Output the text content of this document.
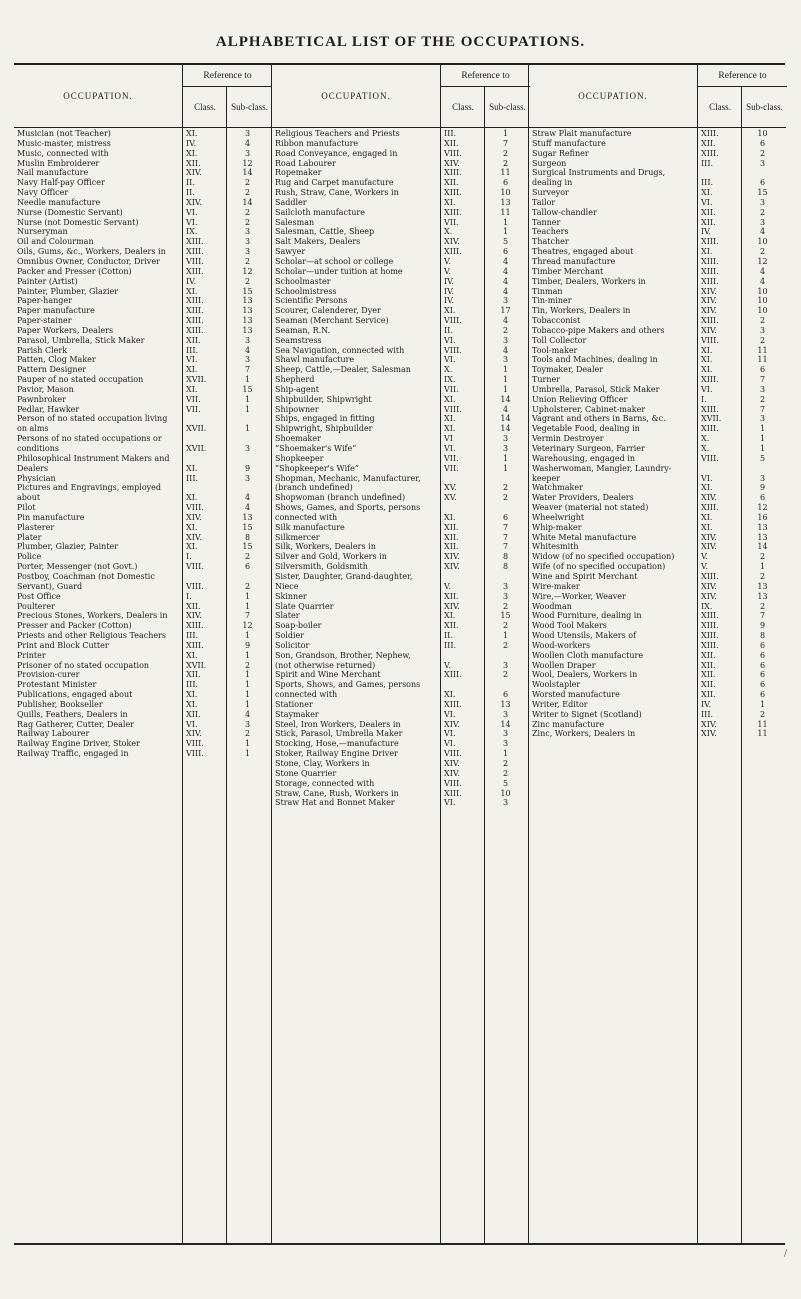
ALPHABETICAL LIST OF THE OCCUPATIONS.
OCCUPATION.
Reference to
Class.	Sub-class.
Musician (not Teacher)	XI.	3
Music-master, mistress	IV.	4
Music, connected with	XI.	3
Muslin Embroiderer	XII.	12
Nail manufacture	XIV.	14
Navy Half-pay Officer	II.	2
Navy Officer	II.	2
Needle manufacture	XIV.	14
Nurse (Domestic Servant)	VI.	2
Nurse (not Domestic Servant)	VI.	2
Nurseryman	IX.	3
Oil and Colourman	XIII.	3
Oils, Gums, &c., Workers, Dealers in	XIII.	3
Omnibus Owner, Conductor, Driver	VIII.	2
Packer and Presser (Cotton)	XIII.	12
Painter (Artist)	IV.	2
Painter, Plumber, Glazier	XI.	15
Paper-hanger	XIII.	13
Paper manufacture	XIII.	13
Paper-stainer	XIII.	13
Paper Workers, Dealers	XIII.	13
Parasol, Umbrella, Stick Maker	XII.	3
Parish Clerk	III.	4
Patten, Clog Maker	VI.	3
Pattern Designer	XI.	7
Pauper of no stated occupation	XVII.	1
Pavior, Mason	XI.	15
Pawnbroker	VII.	1
Pedlar, Hawker	VII.	1
Person of no stated occupation living
on alms	XVII.	1
Persons of no stated occupations or
conditions	XVII.	3
Philosophical Instrument Makers and
Dealers	XI.	9
Physician	III.	3
Pictures and Engravings, employed
about	XI.	4
Pilot	VIII.	4
Pin manufacture	XIV.	13
Plasterer	XI.	15
Plater	XIV.	8
Plumber, Glazier, Painter	XI.	15
Police	I.	2
Porter, Messenger (not Govt.)	VIII.	6
Postboy, Coachman (not Domestic
Servant), Guard	VIII.	2
Post Office	I.	1
Poulterer	XII.	1
Precious Stones, Workers, Dealers in	XIV.	7
Presser and Packer (Cotton)	XIII.	12
Priests and other Religious Teachers	III.	1
Print and Block Cutter	XIII.	9
Printer	XI.	1
Prisoner of no stated occupation	XVII.	2
Provision-curer	XII.	1
Protestant Minister	III.	1
Publications, engaged about	XI.	1
Publisher, Bookseller	XI.	1
Quills, Feathers, Dealers in	XII.	4
Rag Gatherer, Cutter, Dealer	VI.	3
Railway Labourer	XIV.	2
Railway Engine Driver, Stoker	VIII.	1
Railway Traffic, engaged in	VIII.	1
OCCUPATION.
Reference to
Class.	Sub-class.
Religious Teachers and Priests	III.	1
Ribbon manufacture	XII.	7
Road Conveyance, engaged in	VIII.	2
Road Labourer	XIV.	2
Ropemaker	XIII.	11
Rug and Carpet manufacture	XII.	6
Rush, Straw, Cane, Workers in	XIII.	10
Saddler	XI.	13
Sailcloth manufacture	XIII.	11
Salesman	VII.	1
Salesman, Cattle, Sheep	X.	1
Salt Makers, Dealers	XIV.	5
Sawyer	XIII.	6
Scholar—at school or college	V.	4
Scholar—under tuition at home	V.	4
Schoolmaster	IV.	4
Schoolmistress	IV.	4
Scientific Persons	IV.	3
Scourer, Calenderer, Dyer	XI.	17
Seaman (Merchant Service)	VIII.	4
Seaman, R.N.	II.	2
Seamstress	VI.	3
Sea Navigation, connected with	VIII.	4
Shawl manufacture	VI.	3
Sheep, Cattle,—Dealer, Salesman	X.	1
Shepherd	IX.	1
Ship-agent	VII.	1
Shipbuilder, Shipwright	XI.	14
Shipowner	VIII.	4
Ships, engaged in fitting	XI.	14
Shipwright, Shipbuilder	XI.	14
Shoemaker	VI	3
“Shoemaker's Wife”	VI.	3
Shopkeeper	VII.	1
“Shopkeeper's Wife”	VII.	1
Shopman, Mechanic, Manufacturer,
(branch undefined)	XV.	2
Shopwoman (branch undefined)	XV.	2
Shows, Games, and Sports, persons
connected with	XI.	6
Silk manufacture	XII.	7
Silkmercer	XII.	7
Silk, Workers, Dealers in	XII.	7
Silver and Gold, Workers in	XIV.	8
Silversmith, Goldsmith	XIV.	8
Sister, Daughter, Grand-daughter,
Niece	V.	3
Skinner	XII.	3
Slate Quarrier	XIV.	2
Slater	XI.	15
Soap-boiler	XII.	2
Soldier	II.	1
Solicitor	III.	2
Son, Grandson, Brother, Nephew,
(not otherwise returned)	V.	3
Spirit and Wine Merchant	XIII.	2
Sports, Shows, and Games, persons
connected with	XI.	6
Stationer	XIII.	13
Staymaker	VI.	3
Steel, Iron Workers, Dealers in	XIV.	14
Stick, Parasol, Umbrella Maker	VI.	3
Stocking, Hose,—manufacture	VI.	3
Stoker, Railway Engine Driver	VIII.	1
Stone, Clay, Workers in	XIV.	2
Stone Quarrier	XIV.	2
Storage, connected with	VIII.	5
Straw, Cane, Rush, Workers in	XIII.	10
Straw Hat and Bonnet Maker	VI.	3
OCCUPATION.
Reference to
Class.	Sub-class.
Straw Plait manufacture	XIII.	10
Stuff manufacture	XII.	6
Sugar Refiner	XIII.	2
Surgeon	III.	3
Surgical Instruments and Drugs,
dealing in	III.	6
Surveyor	XI.	15
Tailor	VI.	3
Tallow-chandler	XII.	2
Tanner	XII.	3
Teachers	IV.	4
Thatcher	XIII.	10
Theatres, engaged about	XI.	2
Thread manufacture	XIII.	12
Timber Merchant	XIII.	4
Timber, Dealers, Workers in	XIII.	4
Tinman	XIV.	10
Tin-miner	XIV.	10
Tin, Workers, Dealers in	XIV.	10
Tobacconist	XIII.	2
Tobacco-pipe Makers and others	XIV.	3
Toll Collector	VIII.	2
Tool-maker	XI.	11
Tools and Machines, dealing in	XI.	11
Toymaker, Dealer	XI.	6
Turner	XIII.	7
Umbrella, Parasol, Stick Maker	VI.	3
Union Relieving Officer	I.	2
Upholsterer, Cabinet-maker	XIII.	7
Vagrant and others in Barns, &c.	XVII.	3
Vegetable Food, dealing in	XIII.	1
Vermin Destroyer	X.	1
Veterinary Surgeon, Farrier	X.	1
Warehousing, engaged in	VIII.	5
Washerwoman, Mangler, Laundry-
keeper	VI.	3
Watchmaker	XI.	9
Water Providers, Dealers	XIV.	6
Weaver (material not stated)	XIII.	12
Wheelwright	XI.	16
Whip-maker	XI.	13
White Metal manufacture	XIV.	13
Whitesmith	XIV.	14
Widow (of no specified occupation)	V.	2
Wife (of no specified occupation)	V.	1
Wine and Spirit Merchant	XIII.	2
Wire-maker	XIV.	13
Wire,—Worker, Weaver	XIV.	13
Woodman	IX.	2
Wood Furniture, dealing in	XIII.	7
Wood Tool Makers	XIII.	9
Wood Utensils, Makers of	XIII.	8
Wood-workers	XIII.	6
Woollen Cloth manufacture	XII.	6
Woollen Draper	XII.	6
Wool, Dealers, Workers in	XII.	6
Woolstapler	XII.	6
Worsted manufacture	XII.	6
Writer, Editor	IV.	1
Writer to Signet (Scotland)	III.	2
Zinc manufacture	XIV.	11
Zinc, Workers, Dealers in	XIV.	11
/
